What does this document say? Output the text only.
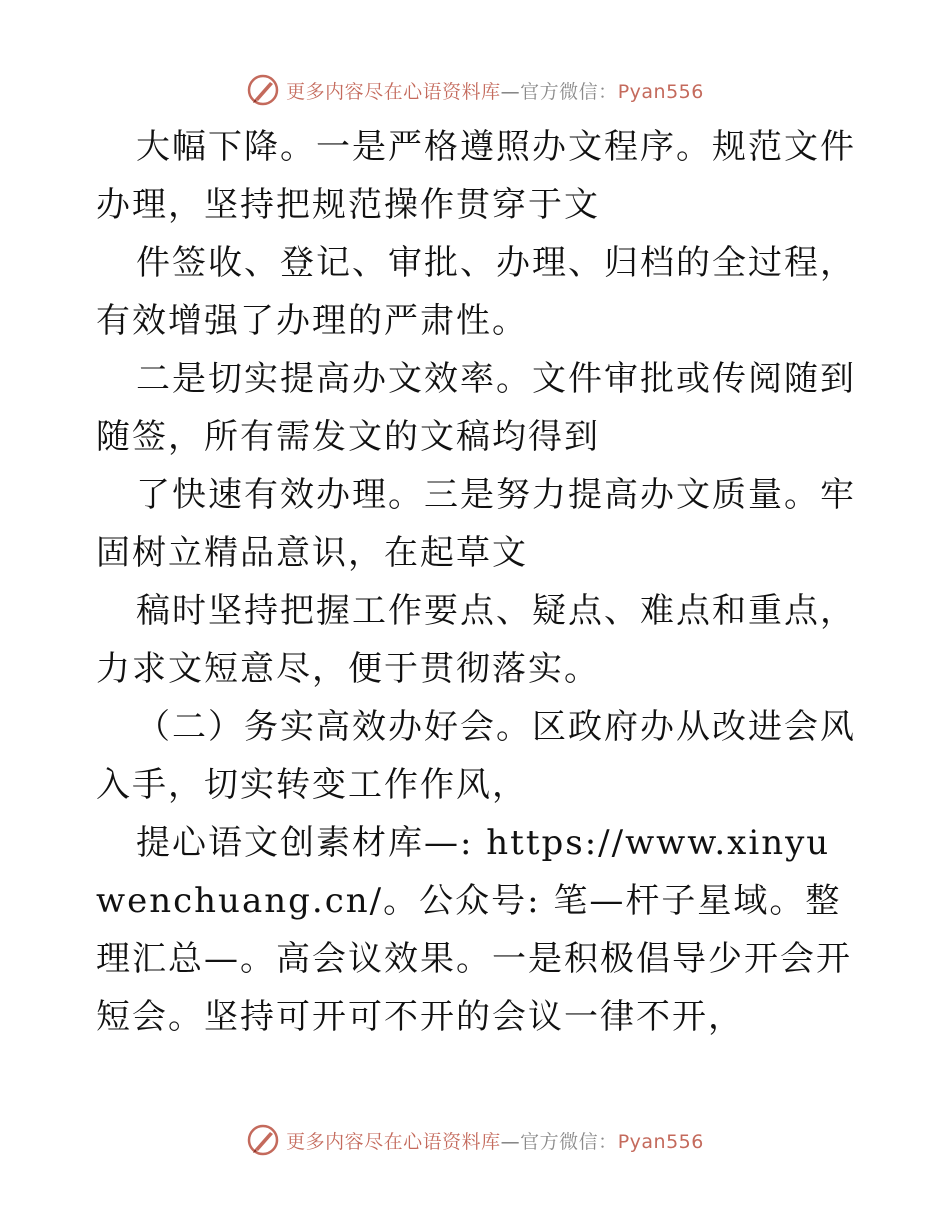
更多内容尽在心语资料库—官方微信：Pyan556

大幅下降。一是严格遵照办文程序。规范文件办理，坚持把规范操作贯穿于文

件签收、登记、审批、办理、归档的全过程，有效增强了办理的严肃性。

二是切实提高办文效率。文件审批或传阅随到随签，所有需发文的文稿均得到

了快速有效办理。三是努力提高办文质量。牢固树立精品意识，在起草文

稿时坚持把握工作要点、疑点、难点和重点，力求文短意尽，便于贯彻落实。

（二）务实高效办好会。区政府办从改进会风入手，切实转变工作作风，

提心语文创素材库—: https://www.xinyuwenchuang.cn/。公众号: 笔—杆子星域。整理汇总—。高会议效果。一是积极倡导少开会开短会。坚持可开可不开的会议一律不开，

更多内容尽在心语资料库—官方微信：Pyan556
